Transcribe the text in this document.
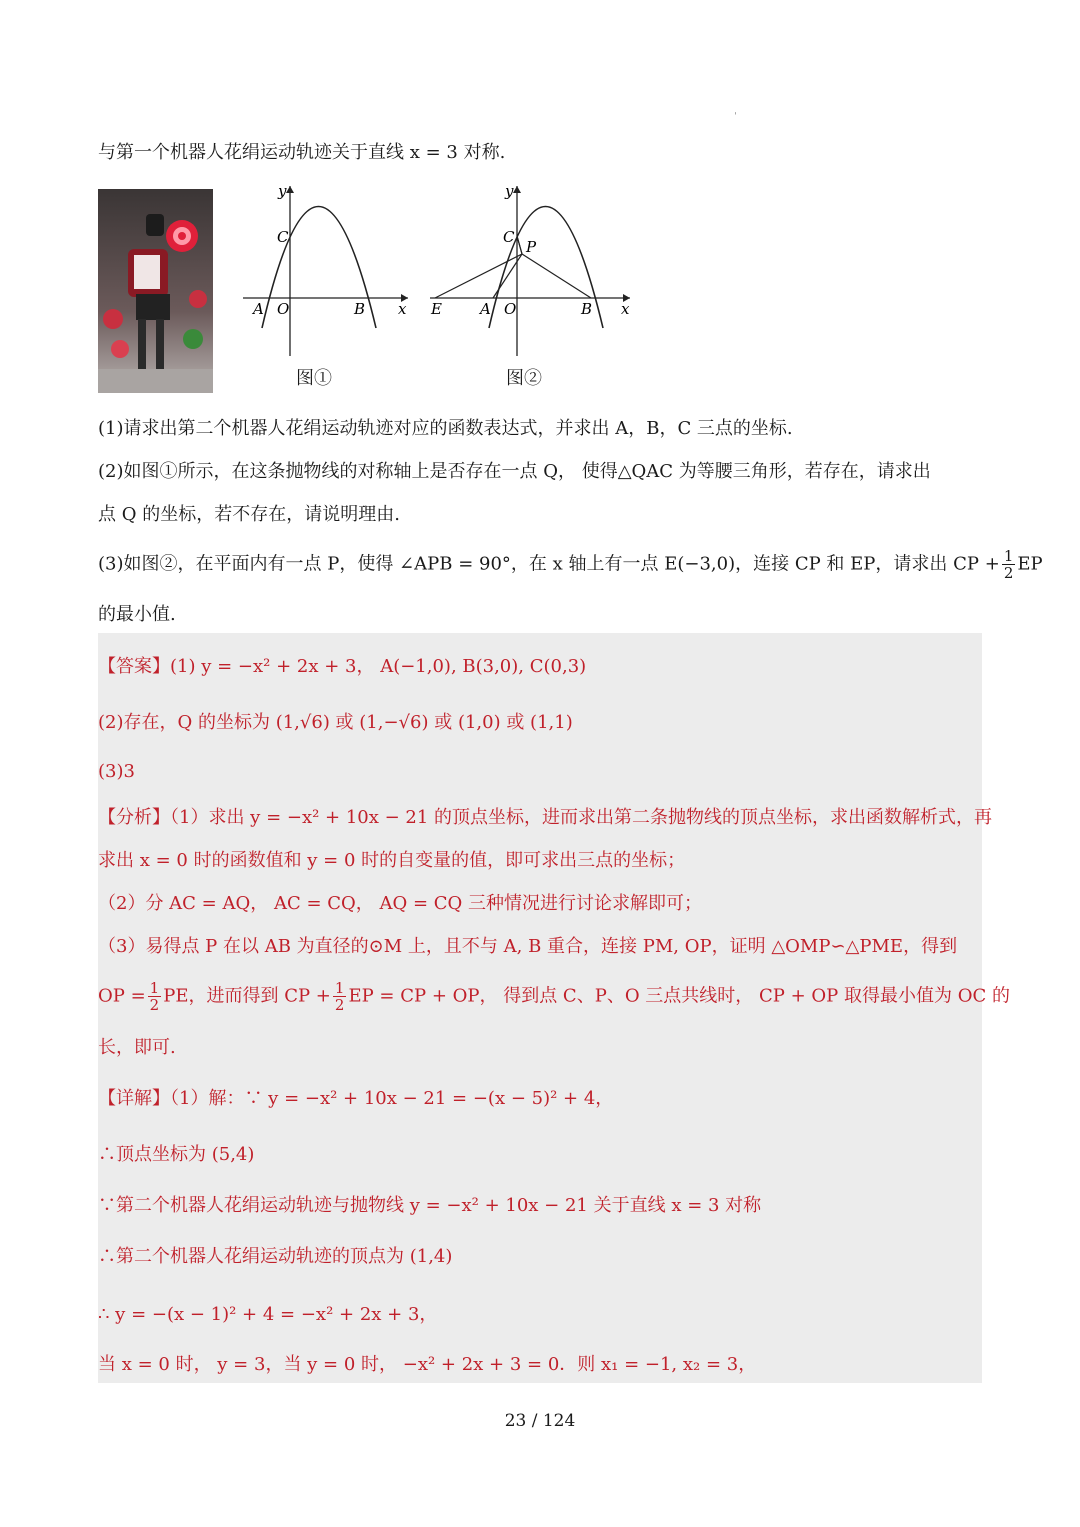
ˈ
与第一个机器人花绢运动轨迹关于直线 x = 3 对称.
y
x
C
A O	B
图①
y
x
C
P
E	A O	B
图②
(1)请求出第二个机器人花绢运动轨迹对应的函数表达式，并求出 A，B，C 三点的坐标.
(2)如图①所示，在这条抛物线的对称轴上是否存在一点 Q， 使得△QAC 为等腰三角形，若存在，请求出
点 Q 的坐标，若不存在，请说明理由.
(3)如图②，在平面内有一点 P，使得 ∠APB = 90°，在 x 轴上有一点 E(−3,0)，连接 CP 和 EP，请求出 CP + $\frac{1}{2}$ EP
的最小值.
【答案】(1) y = −x² + 2x + 3， A(−1,0), B(3,0), C(0,3)
(2)存在，Q 的坐标为 (1,√6) 或 (1,−√6) 或 (1,0) 或 (1,1)
(3)3
【分析】（1）求出 y = −x² + 10x − 21 的顶点坐标，进而求出第二条抛物线的顶点坐标，求出函数解析式，再
求出 x = 0 时的函数值和 y = 0 时的自变量的值，即可求出三点的坐标；
（2）分 AC = AQ， AC = CQ， AQ = CQ 三种情况进行讨论求解即可；
（3）易得点 P 在以 AB 为直径的⊙M 上，且不与 A, B 重合，连接 PM, OP，证明 △OMP∽△PME，得到
OP = $\frac{1}{2}$ PE，进而得到 CP + $\frac{1}{2}$ EP = CP + OP， 得到点 C、P、O 三点共线时， CP + OP 取得最小值为 OC 的
长，即可.
【详解】（1）解：∵ y = −x² + 10x − 21 = −(x − 5)² + 4，
∴顶点坐标为 (5,4)
∵第二个机器人花绢运动轨迹与抛物线 y = −x² + 10x − 21 关于直线 x = 3 对称
∴第二个机器人花绢运动轨迹的顶点为 (1,4)
∴ y = −(x − 1)² + 4 = −x² + 2x + 3，
当 x = 0 时， y = 3，当 y = 0 时， −x² + 2x + 3 = 0．则 x₁ = −1, x₂ = 3，
23 / 124
